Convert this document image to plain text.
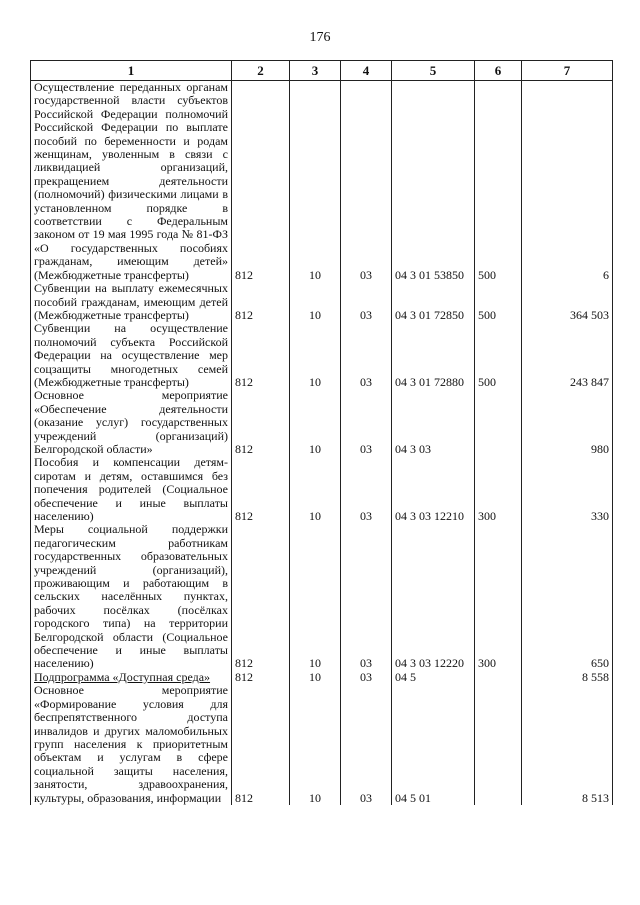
176
1	2	3	4	5	6	7
Осуществление переданных органам государственной власти субъектов Российской Федерации полномочий Российской Федерации по выплате пособий по беременности и родам женщинам, уволенным в связи с ликвидацией организаций, прекращением деятельности (полномочий) физическими лицами в установленном порядке в соответствии с Федеральным законом от 19 мая 1995 года № 81-ФЗ «О государственных пособиях гражданам, имеющим детей» (Межбюджетные трансферты)	812	10	03	04 3 01 53850	500	6
Субвенции на выплату ежемесячных пособий гражданам, имеющим детей (Межбюджетные трансферты)	812	10	03	04 3 01 72850	500	364 503
Субвенции на осуществление полномочий субъекта Российской Федерации на осуществление мер соцзащиты многодетных семей (Межбюджетные трансферты)	812	10	03	04 3 01 72880	500	243 847
Основное мероприятие «Обеспечение деятельности (оказание услуг) государственных учреждений (организаций) Белгородской области»	812	10	03	04 3 03		980
Пособия и компенсации детям-сиротам и детям, оставшимся без попечения родителей (Социальное обеспечение и иные выплаты населению)	812	10	03	04 3 03 12210	300	330
Меры социальной поддержки педагогическим работникам государственных образовательных учреждений (организаций), проживающим и работающим в сельских населённых пунктах, рабочих посёлках (посёлках городского типа) на территории Белгородской области (Социальное обеспечение и иные выплаты населению)	812	10	03	04 3 03 12220	300	650
Подпрограмма «Доступная среда»	812	10	03	04 5		8 558
Основное мероприятие «Формирование условия для беспрепятственного доступа инвалидов и других маломобильных групп населения к приоритетным объектам и услугам в сфере социальной защиты населения, занятости, здравоохранения, культуры, образования, информации	812	10	03	04 5 01		8 513
